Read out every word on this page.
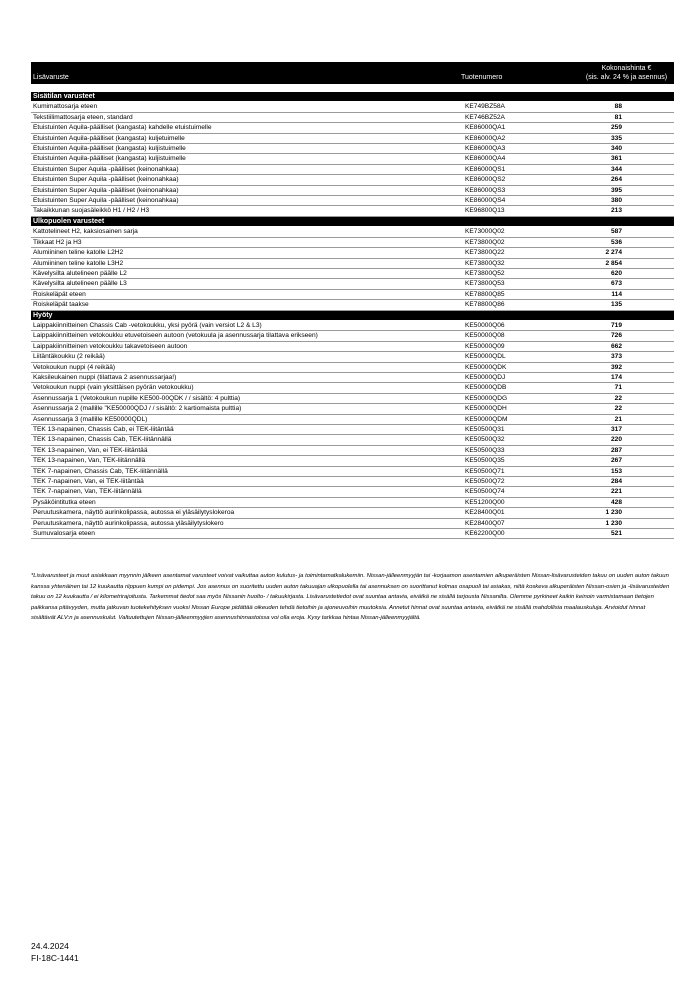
		Kokonaishinta €
Lisävaruste	Tuotenumero	(sis. alv. 24 % ja asennus)

Sisätilan varusteet		
Kumimattosarja eteen	KE749BZ58A	88
Tekstiilimattosarja eteen, standard	KE746BZ52A	81
Etuistuinten Aquila-päälliset (kangasta) kahdelle etuistuimelle	KE86000QA1	259
Etuistuinten Aquila-päälliset (kangasta) kuljetuimelle	KE86000QA2	335
Etuistuinten Aquila-päälliset (kangasta) kuljistuimelle	KE86000QA3	340
Etuistuinten Aquila-päälliset (kangasta) kuljistuimelle	KE86000QA4	361
Etuistuinten Super Aquila -päälliset (keinonahkaa)	KE86000QS1	344
Etuistuinten Super Aquila -päälliset (keinonahkaa)	KE86000QS2	264
Etuistuinten Super Aquila -päälliset (keinonahkaa)	KE86000QS3	395
Etuistuinten Super Aquila -päälliset (keinonahkaa)	KE86000QS4	380
Takaikkunan suojasäleikkö H1 / H2 / H3	KE96800Q13	213
Ulkopuolen varusteet		
Kattotelineet H2, kaksiosainen sarja	KE73000Q02	587
Tikkaat H2 ja H3	KE73800Q02	536
Alumiininen teline katolle L2H2	KE73800Q22	2 274
Alumiininen teline katolle L3H2	KE73800Q32	2 854
Kävelysilta alutelineen päälle L2	KE73800Q52	620
Kävelysilta alutelineen päälle L3	KE73800Q53	673
Roiskeläpät eteen	KE78800Q85	114
Roiskeläpät taakse	KE78800Q86	135
Hyöty		
Laippakiinnitteinen Chassis Cab -vetokoukku, yksi pyörä (vain versiot L2 & L3)	KE50000Q06	719
Laippakiinnitteinen vetokoukku etuvetoiseen autoon (vetokuula ja asennussarja tilattava erikseen)	KE50000Q08	726
Laippakiinnitteinen vetokoukku takavetoiseen autoon	KE50000Q09	662
Liitäntäkoukku (2 reikää)	KE50000QDL	373
Vetokoukun nuppi (4 reikää)	KE50000QDK	392
Kaksileukainen nuppi (tilattava 2 asennussarjaa!)	KE50000QDJ	174
Vetokoukun nuppi (vain yksittäisen pyörän vetokoukku)	KE50000QDB	71
Asennussarja 1 (Vetokoukun nupille KE500-00QDK / / sisältö: 4 pulttia)	KE50000QDG	22
Asennussarja 2 (mallille "KE50000QDJ / / sisältö: 2 kartiomaista pulttia)	KE50000QDH	22
Asennussarja 3 (mallille KE50000QDL)	KE50000QDM	21
TEK 13-napainen, Chassis Cab, ei TEK-liitäntää	KE50500Q31	317
TEK 13-napainen, Chassis Cab, TEK-liitännällä	KE50500Q32	220
TEK 13-napainen, Van, ei TEK-liitäntää	KE50500Q33	287
TEK 13-napainen, Van, TEK-liitännällä	KE50500Q35	267
TEK 7-napainen, Chassis Cab, TEK-liitännällä	KE50500Q71	153
TEK 7-napainen, Van, ei TEK-liitäntää	KE50500Q72	284
TEK 7-napainen, Van, TEK-liitännällä	KE50500Q74	221
Pysäköintitutka eteen	KE51200Q00	428
Peruutuskamera, näyttö aurinkolipassa, autossa ei yläsäilytyslokeroa	KE28400Q01	1 230
Peruutuskamera, näyttö aurinkolipassa, autossa yläsäilytyslokero	KE28400Q07	1 230
Sumuvalosarja eteen	KE62200Q00	521
*Lisävarusteet ja muut asiakkaan myynnin jälkeen asentamat varusteet voivat vaikuttaa auton kulutus- ja toimintamatkalukemiin. Nissan-jälleenmyyjän tai -korjaamon asentamien alkuperäisten Nissan-lisävarusteiden takuu on uuden auton takuun kanssa yhtenäinen tai 12 kuukautta riippuen kumpi on pidempi. Jos asennus on suoritettu uuden auton takuuajan ulkopuolella tai asennuksen on suorittanut kolmas osapuoli tai asiakas, niitä koskeva alkuperäisten Nissan-osien ja -lisävarusteiden takuu on 12 kuukautta / ei kilometrirajoitusta. Tarkemmat tiedot saa myös Nissanin huolto- / takuukirjasta. Lisävarustetiedot ovat suuntaa antavia, eivätkä ne sisällä tarjousta Nissanilta. Olemme pyrkineet kaikin keinoin varmistamaan tietojen paikkansa pitävyyden, mutta jatkuvan tuotekehityksen vuoksi Nissan Europe pidättää oikeuden tehdä tietoihin ja ajoneuvoihin muutoksia. Annetut hinnat ovat suuntaa antavia, eivätkä ne sisällä mahdollisia maalauskuluja. Arvioidut hinnat sisältävät ALV:n ja asennuskulut. Valtuutettujen Nissan-jälleenmyyjien asennushinnastoissa voi olla eroja. Kysy tarkkaa hintaa Nissan-jälleenmyyjältä.
24.4.2024
FI-18C-1441
